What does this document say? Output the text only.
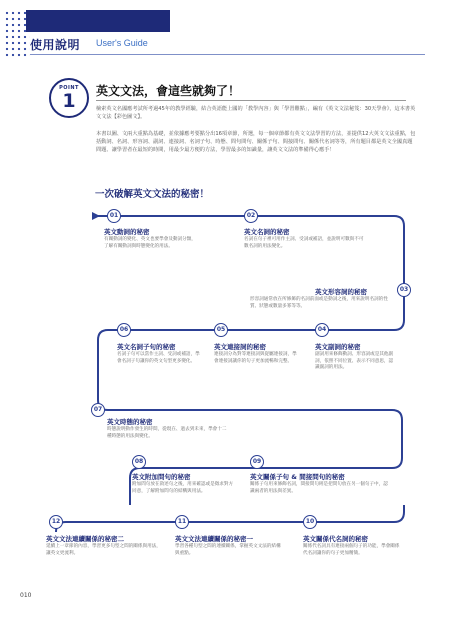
使用說明 User's Guide
POINT
1	英文文法，會這些就夠了！
檢索英文名國應考試所考過45年的教學經驗，結合英語能上國的「教學內容」與「學習難點」，編有《英文文法秘笈：30天學會》，這本書英文文法【彩色圖文】。
本書以圖、文兩大重點為基礎，並依據應考要點分出16項章節，所選，每一個章節都有英文文法學習的方法，並提供12大英文文法重點，包括動詞、名詞、形容詞、副詞、連接詞、名詞子句、時態、問句問句、關係子句、間接問句、關係代名詞等等，所有題目都是英文全國真題問題、讓學習者在最短的時間，用最少最方便的方法，學習最多的知識量，讓英文文法的準備得心應手！
一次破解英文文法的秘密！
01	02
03
04
05
06
07
08	09
10
11
12
英文動詞的秘密
有關動詞的變化、英文也要學會及動詞分類，了解有關動詞與時態變化的用法。
英文名詞的秘密
名詞在句子裡可用作主詞、受詞或補語，並說明可數與不可數名詞的用法變化。
英文形容詞的秘密
形容詞通常放在所修飾的名詞前面或是動詞之後，用來說明名詞的性質、狀態或數量多寡等等。
英文副詞的秘密
副詞用來修飾動詞、形容詞或是其他副詞，依照不同位置、表示不同意思，認識副詞的用法。
英文連接詞的秘密
連接詞分為對等連接詞與從屬連接詞，學會連接詞讓你的句子更加流暢和完整。
英文名詞子句的秘密
名詞子句可以當作主詞、受詞或補語，學會名詞子句讓你的英文句型更多變化。
英文時態的秘密
時態說明動作發生的時間，從現在、過去到未來，學會十二種時態的用法與變化。
英文附加問句的秘密
附加問句放在敘述句之後，用來確認或是徵求對方同意，了解附加問句的結構與用法。
英文關係子句 & 間接問句的秘密
關係子句用來修飾名詞，間接問句則是把問句放在另一個句子中，認識兩者的用法與差異。
英文關係代名詞的秘密
關係代名詞具有連接兩個句子的功能，學會關係代名詞讓你的句子更加精簡。
英文文法連續關係的秘密一
學習各種句型之間的連續關係，掌握英文文法的結構與重點。
英文文法連續關係的秘密二
延續上一章節的內容，學習更多句型之間的關係與用法，讓英文更流利。
010
